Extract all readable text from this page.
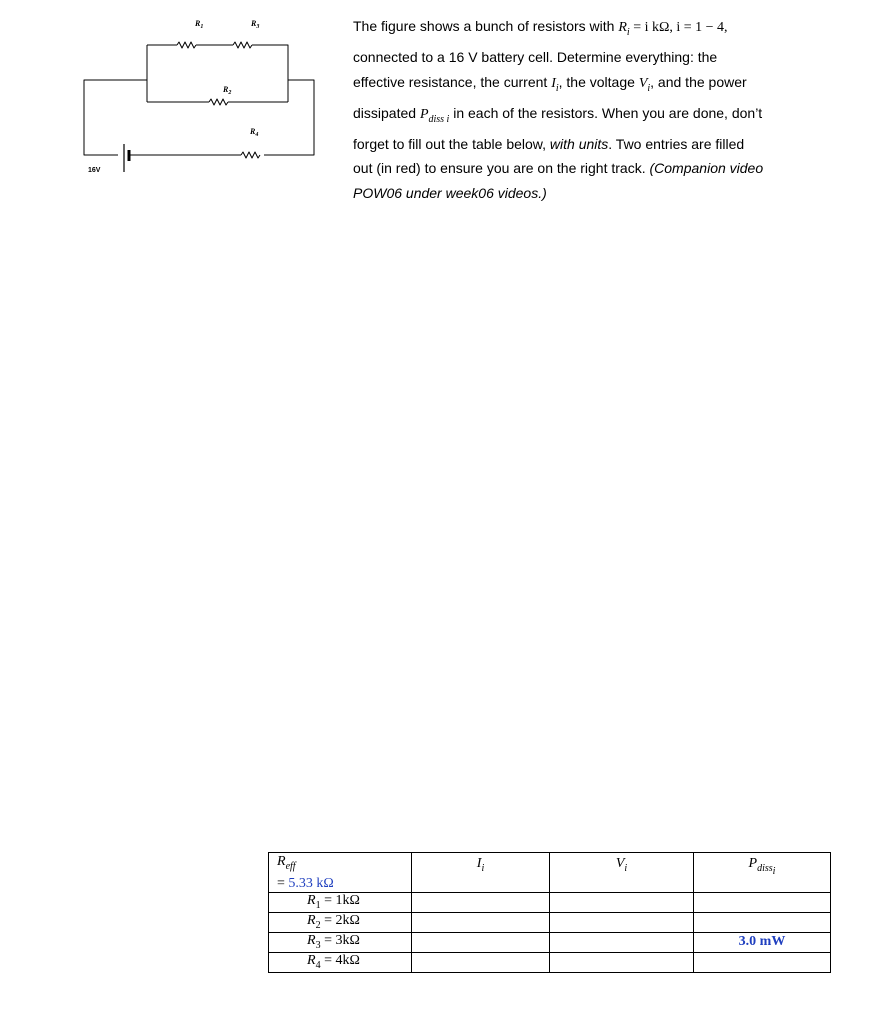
$R_1$	$R_3$
$R_2$
$R_4$
16V
The figure shows a bunch of resistors with $R_i = i$ kΩ, i = 1 − 4,
connected to a 16 V battery cell. Determine everything: the
effective resistance, the current $I_i$, the voltage $V_i$, and the power
dissipated $P_{diss i}$ in each of the resistors. When you are done, don’t
forget to fill out the table below, with units. Two entries are filled
out (in red) to ensure you are on the right track. (Companion video
POW06 under week06 videos.)
$R_{eff}$
= 5.33 kΩ	$I_i$	$V_i$	$P_{diss_i}$
$R_1 = 1k\Omega$			
$R_2 = 2k\Omega$			
$R_3 = 3k\Omega$			3.0 mW
$R_4 = 4k\Omega$			
